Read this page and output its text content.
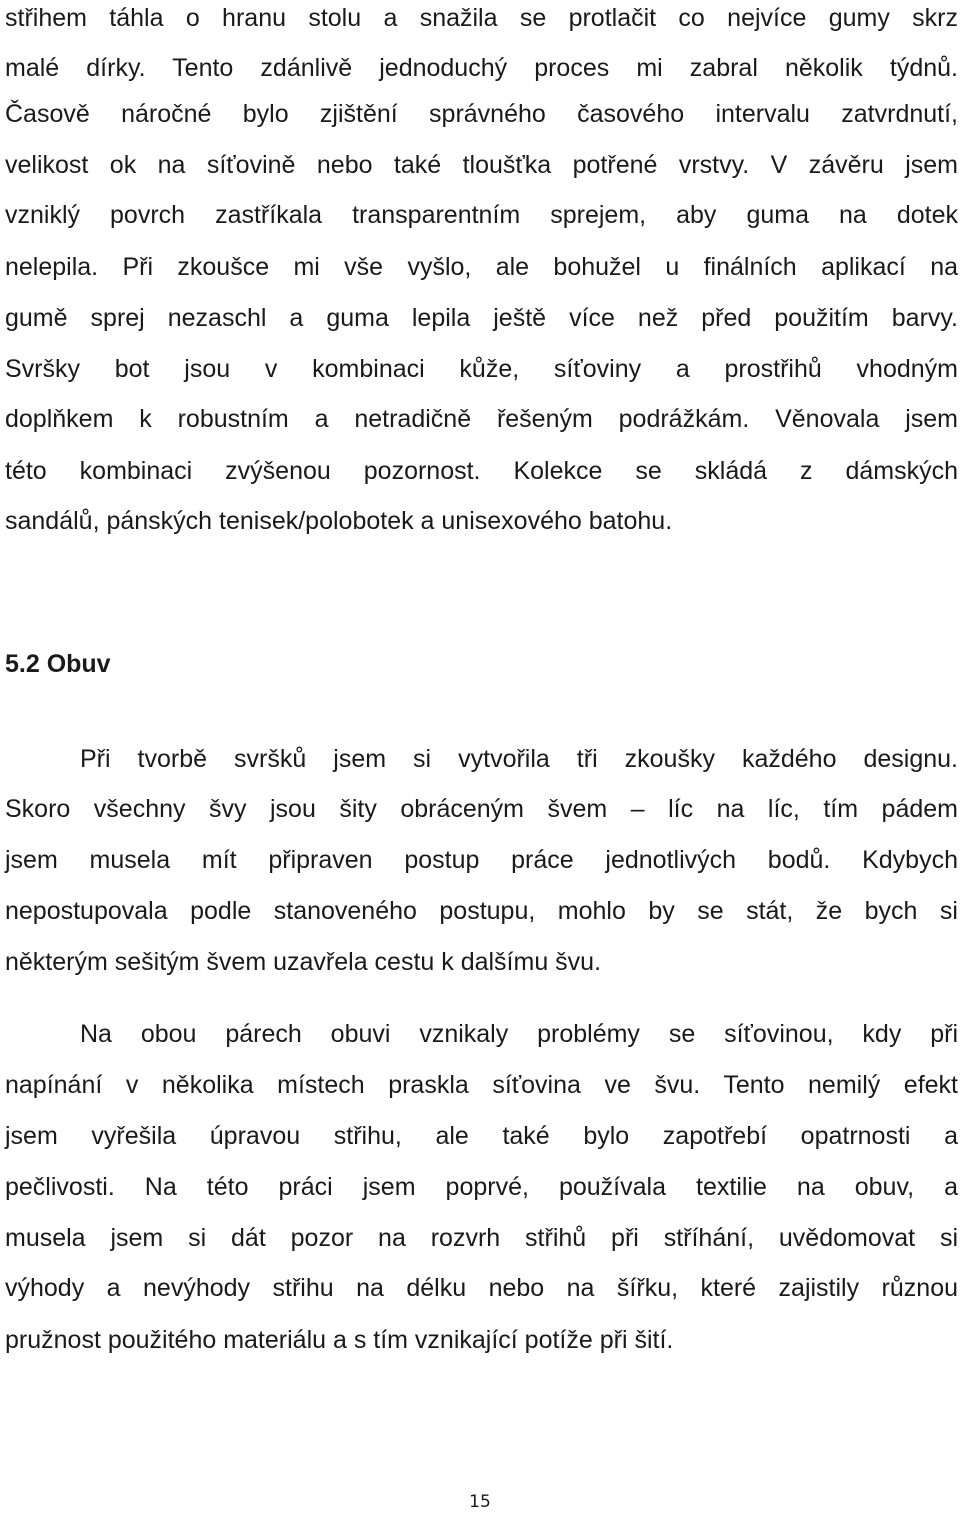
střihem táhla o hranu stolu a snažila se protlačit co nejvíce gumy skrz
malé dírky. Tento zdánlivě jednoduchý proces mi zabral několik týdnů.
Časově náročné bylo zjištění správného časového intervalu zatvrdnutí,
velikost ok na síťovině nebo také tloušťka potřené vrstvy. V závěru jsem
vzniklý povrch zastříkala transparentním sprejem, aby guma na dotek
nelepila. Při zkoušce mi vše vyšlo, ale bohužel u finálních aplikací na
gumě sprej nezaschl a guma lepila ještě více než před použitím barvy.
Svršky bot jsou v kombinaci kůže, síťoviny a prostřihů vhodným
doplňkem k robustním a netradičně řešeným podrážkám. Věnovala jsem
této kombinaci zvýšenou pozornost. Kolekce se skládá z dámských
sandálů, pánských tenisek/polobotek a unisexového batohu.
5.2 Obuv
Při tvorbě svršků jsem si vytvořila tři zkoušky každého designu.
Skoro všechny švy jsou šity obráceným švem – líc na líc, tím pádem
jsem musela mít připraven postup práce jednotlivých bodů. Kdybych
nepostupovala podle stanoveného postupu, mohlo by se stát, že bych si
některým sešitým švem uzavřela cestu k dalšímu švu.
Na obou párech obuvi vznikaly problémy se síťovinou, kdy při
napínání v několika místech praskla síťovina ve švu. Tento nemilý efekt
jsem vyřešila úpravou střihu, ale také bylo zapotřebí opatrnosti a
pečlivosti. Na této práci jsem poprvé, používala textilie na obuv, a
musela jsem si dát pozor na rozvrh střihů při stříhání, uvědomovat si
výhody a nevýhody střihu na délku nebo na šířku, které zajistily různou
pružnost použitého materiálu a s tím vznikající potíže při šití.
15
